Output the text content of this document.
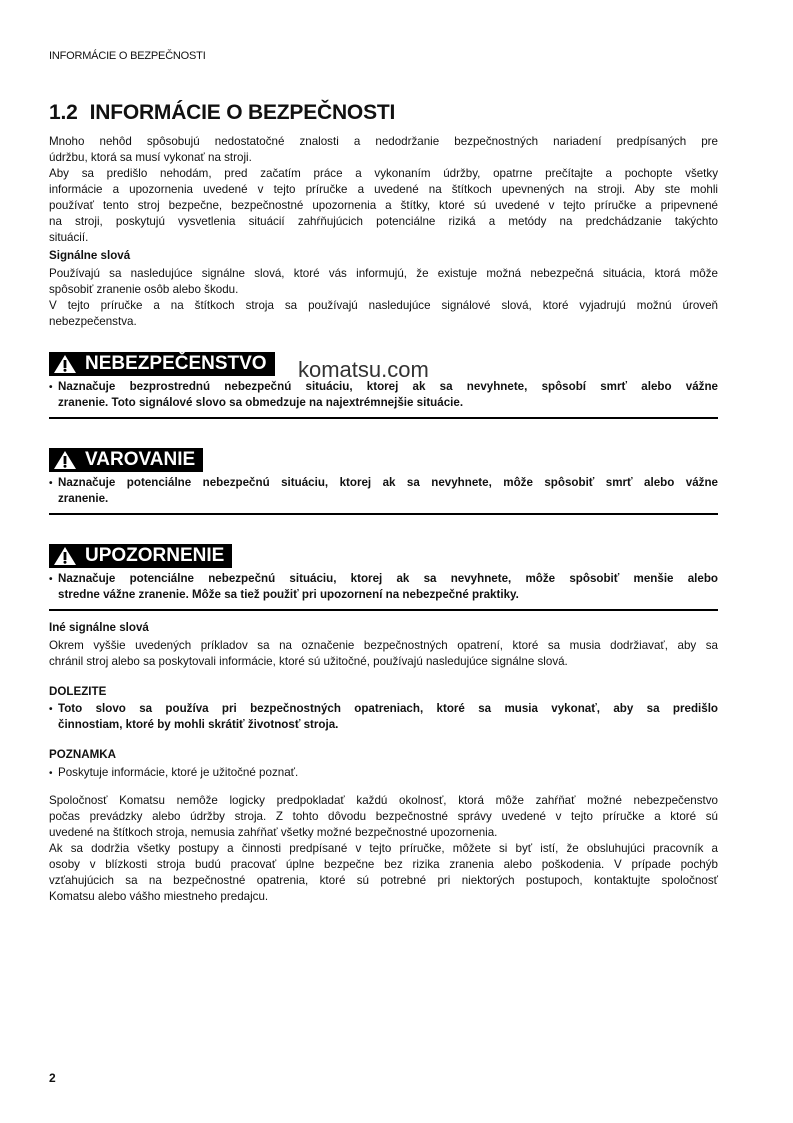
INFORMÁCIE O BEZPEČNOSTI
1.2 INFORMÁCIE O BEZPEČNOSTI
Mnoho nehôd spôsobujú nedostatočné znalosti a nedodržanie bezpečnostných nariadení predpísaných pre
údržbu, ktorá sa musí vykonať na stroji.
Aby sa predišlo nehodám, pred začatím práce a vykonaním údržby, opatrne prečítajte a pochopte všetky
informácie a upozornenia uvedené v tejto príručke a uvedené na štítkoch upevnených na stroji. Aby ste mohli
používať tento stroj bezpečne, bezpečnostné upozornenia a štítky, ktoré sú uvedené v tejto príručke a pripevnené
na stroji, poskytujú vysvetlenia situácií zahŕňujúcich potenciálne riziká a metódy na predchádzanie takýchto
situácií.
Signálne slová
Používajú sa nasledujúce signálne slová, ktoré vás informujú, že existuje možná nebezpečná situácia, ktorá môže
spôsobiť zranenie osôb alebo škodu.
V tejto príručke a na štítkoch stroja sa používajú nasledujúce signálové slová, ktoré vyjadrujú možnú úroveň
nebezpečenstva.
komatsu.com
NEBEZPEČENSTVO
• Naznačuje bezprostrednú nebezpečnú situáciu, ktorej ak sa nevyhnete, spôsobí smrť alebo vážne
zranenie. Toto signálové slovo sa obmedzuje na najextrémnejšie situácie.
VAROVANIE
• Naznačuje potenciálne nebezpečnú situáciu, ktorej ak sa nevyhnete, môže spôsobiť smrť alebo vážne
zranenie.
UPOZORNENIE
• Naznačuje potenciálne nebezpečnú situáciu, ktorej ak sa nevyhnete, môže spôsobiť menšie alebo
stredne vážne zranenie. Môže sa tiež použiť pri upozornení na nebezpečné praktiky.
Iné signálne slová
Okrem vyššie uvedených príkladov sa na označenie bezpečnostných opatrení, ktoré sa musia dodržiavať, aby sa
chránil stroj alebo sa poskytovali informácie, ktoré sú užitočné, používajú nasledujúce signálne slová.
DOLEZITE
• Toto slovo sa používa pri bezpečnostných opatreniach, ktoré sa musia vykonať, aby sa predišlo
činnostiam, ktoré by mohli skrátiť životnosť stroja.
POZNAMKA
• Poskytuje informácie, ktoré je užitočné poznať.
Spoločnosť Komatsu nemôže logicky predpokladať každú okolnosť, ktorá môže zahŕňať možné nebezpečenstvo
počas prevádzky alebo údržby stroja. Z tohto dôvodu bezpečnostné správy uvedené v tejto príručke a ktoré sú
uvedené na štítkoch stroja, nemusia zahŕňať všetky možné bezpečnostné upozornenia.
Ak sa dodržia všetky postupy a činnosti predpísané v tejto príručke, môžete si byť istí, že obsluhujúci pracovník a
osoby v blízkosti stroja budú pracovať úplne bezpečne bez rizika zranenia alebo poškodenia. V prípade pochýb
vzťahujúcich sa na bezpečnostné opatrenia, ktoré sú potrebné pri niektorých postupoch, kontaktujte spoločnosť
Komatsu alebo vášho miestneho predajcu.
2
